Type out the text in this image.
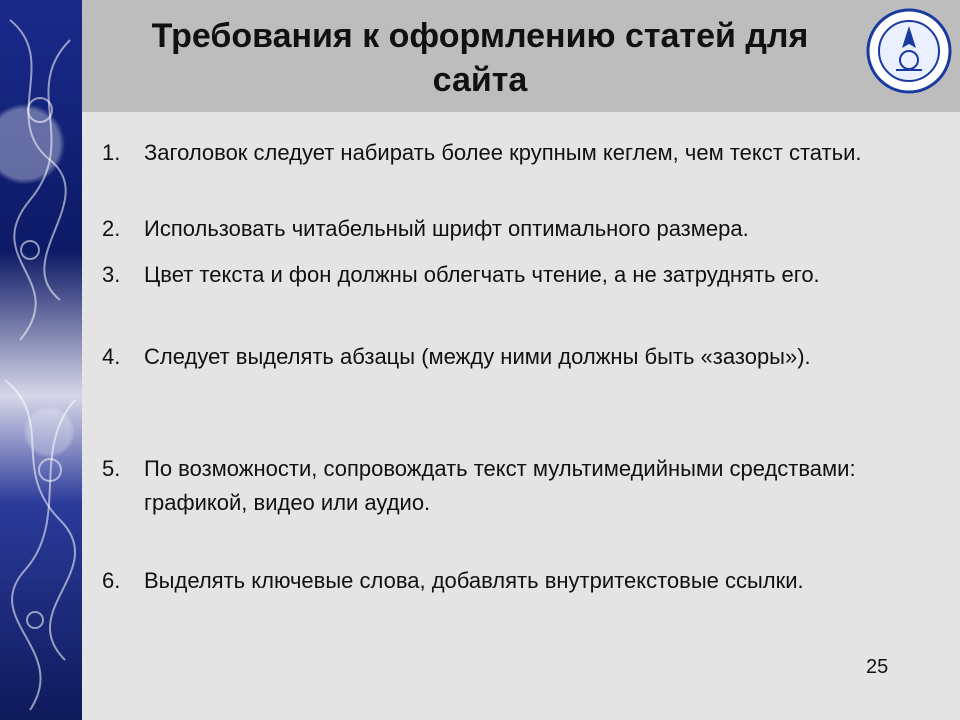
Требования к оформлению статей для сайта
1. Заголовок следует набирать более крупным кеглем, чем текст статьи.
2. Использовать читабельный шрифт оптимального размера.
3. Цвет текста и фон должны облегчать чтение, а не затруднять его.
4. Следует выделять абзацы (между ними должны быть «зазоры»).
5. По возможности, сопровождать текст мультимедийными средствами: графикой, видео или аудио.
6. Выделять ключевые слова, добавлять внутритекстовые ссылки.
25
